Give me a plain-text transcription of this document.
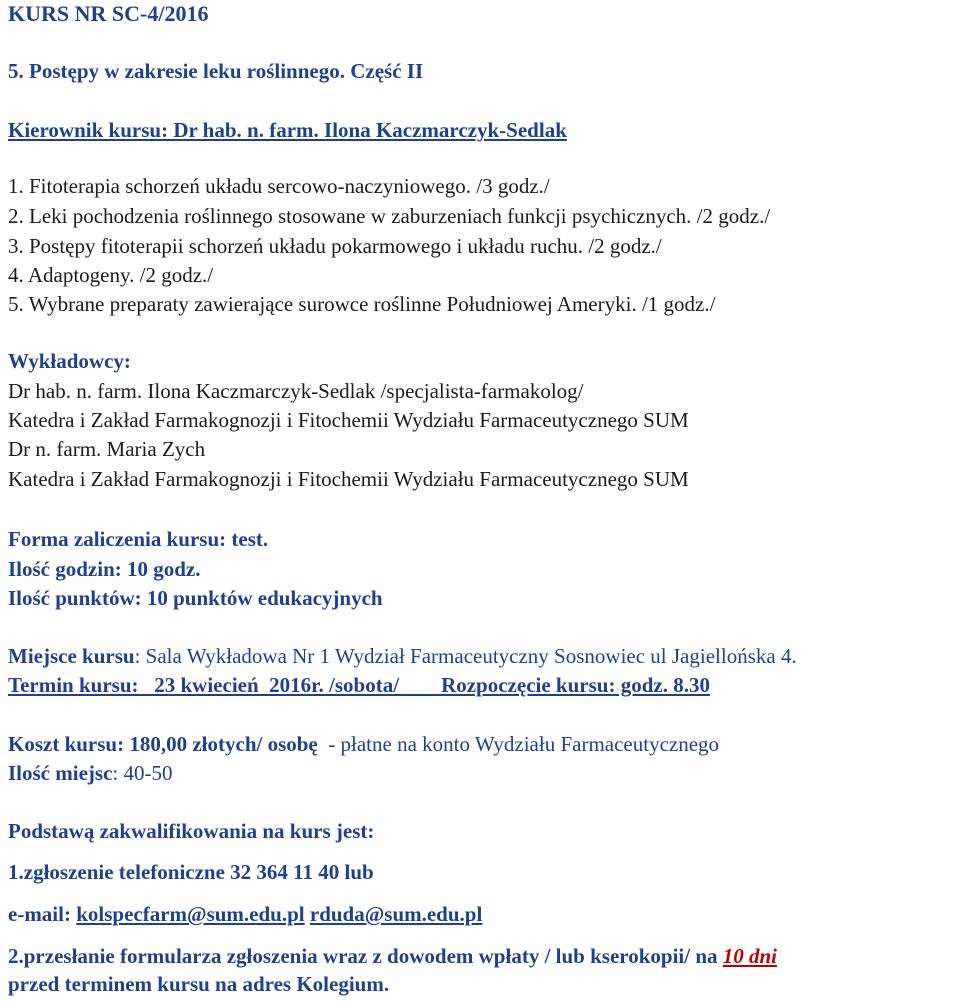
KURS NR SC-4/2016
5. Postępy w zakresie leku roślinnego. Część II
Kierownik kursu: Dr hab. n. farm. Ilona Kaczmarczyk-Sedlak
1. Fitoterapia schorzeń układu sercowo-naczyniowego. /3 godz./
2. Leki pochodzenia roślinnego stosowane w zaburzeniach funkcji psychicznych. /2 godz./
3. Postępy fitoterapii schorzeń układu pokarmowego i układu ruchu. /2 godz./
4. Adaptogeny. /2 godz./
5. Wybrane preparaty zawierające surowce roślinne Południowej Ameryki. /1 godz./
Wykładowcy:
Dr hab. n. farm. Ilona Kaczmarczyk-Sedlak /specjalista-farmakolog/
Katedra i Zakład Farmakognozji i Fitochemii Wydziału Farmaceutycznego SUM
Dr n. farm. Maria Zych
Katedra i Zakład Farmakognozji i Fitochemii Wydziału Farmaceutycznego SUM
Forma zaliczenia kursu: test.
Ilość godzin: 10 godz.
Ilość punktów: 10 punktów edukacyjnych
Miejsce kursu: Sala Wykładowa Nr 1 Wydział Farmaceutyczny Sosnowiec ul Jagiellońska 4.
Termin kursu:   23 kwiecień  2016r. /sobota/        Rozpoczęcie kursu: godz. 8.30
Koszt kursu: 180,00 złotych/ osobę  - płatne na konto Wydziału Farmaceutycznego
Ilość miejsc: 40-50
Podstawą zakwalifikowania na kurs jest:
1.zgłoszenie telefoniczne 32 364 11 40 lub
e-mail: kolspecfarm@sum.edu.pl rduda@sum.edu.pl
2.przesłanie formularza zgłoszenia wraz z dowodem wpłaty / lub kserokopii/ na 10 dni
przed terminem kursu na adres Kolegium.
